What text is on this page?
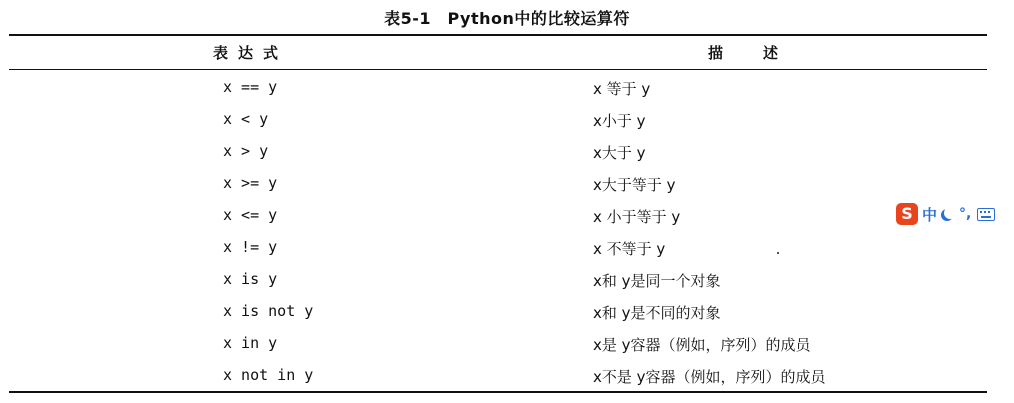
表5-1　Python中的比较运算符
表达式	描述
x == y	x 等于 y
x < y	x小于 y
x > y	x大于 y
x >= y	x大于等于 y
x <= y	x 小于等于 y
x != y	x 不等于 y
x is y	x和 y是同一个对象
x is not y	x和 y是不同的对象
x in y	x是 y容器（例如，序列）的成员
x not in y	x不是 y容器（例如，序列）的成员
S 中 °,
